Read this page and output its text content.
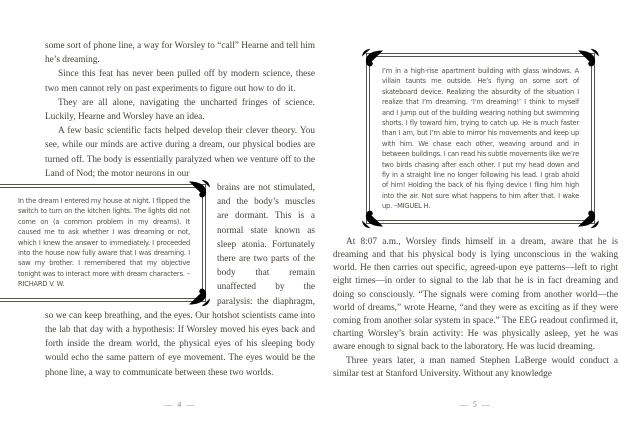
some sort of phone line, a way for Worsley to “call” Hearne and tell him he’s dreaming.

Since this feat has never been pulled off by modern science, these two men cannot rely on past experiments to figure out how to do it.

They are all alone, navigating the uncharted fringes of science. Luckily, Hearne and Worsley have an idea.

A few basic scientific facts helped develop their clever theory. You see, while our minds are active during a dream, our physical bodies are turned off. The body is essentially paralyzed when we venture off to the Land of Nod; the motor neurons in our

In the dream I entered my house at night. I flipped the switch to turn on the kitchen lights. The lights did not come on (a common problem in my dreams). It caused me to ask whether I was dreaming or not, which I knew the answer to immediately. I proceeded into the house now fully aware that I was dreaming. I saw my brother. I remembered that my objective tonight was to interact more with dream characters. –RICHARD V. W.
brains are not stimulated, and the body’s muscles are dormant. This is a normal state known as sleep atonia. Fortunately there are two parts of the body that remain unaffected by the paralysis: the diaphragm, so we can keep breathing, and the eyes. Our hotshot scientists came into the lab that day with a hypothesis: If Worsley moved his eyes back and forth inside the dream world, the physical eyes of his sleeping body would echo the same pattern of eye movement. The eyes would be the phone line, a way to communicate between these two worlds.

— 4 —
I’m in a high-rise apartment building with glass windows. A villain taunts me outside. He’s flying on some sort of skateboard device. Realizing the absurdity of the situation I realize that I’m dreaming. ‘I’m dreaming!’ I think to myself and I jump out of the building wearing nothing but swimming shorts. I fly toward him, trying to catch up. He is much faster than I am, but I’m able to mirror his movements and keep up with him. We chase each other, weaving around and in between buildings. I can read his subtle movements like we’re two birds chasing after each other. I put my head down and fly in a straight line no longer following his lead. I grab ahold of him! Holding the back of his flying device I fling him high into the air. Not sure what happens to him after that. I wake up. –MIGUEL H.

At 8:07 a.m., Worsley finds himself in a dream, aware that he is dreaming and that his physical body is lying unconscious in the waking world. He then carries out specific, agreed-upon eye patterns—left to right eight times—in order to signal to the lab that he is in fact dreaming and doing so consciously. “The signals were coming from another world—the world of dreams,” wrote Hearne, “and they were as exciting as if they were coming from another solar system in space.” The EEG readout confirmed it, charting Worsley’s brain activity: He was physically asleep, yet he was aware enough to signal back to the laboratory. He was lucid dreaming.

Three years later, a man named Stephen LaBerge would conduct a similar test at Stanford University. Without any knowledge

— 5 —
